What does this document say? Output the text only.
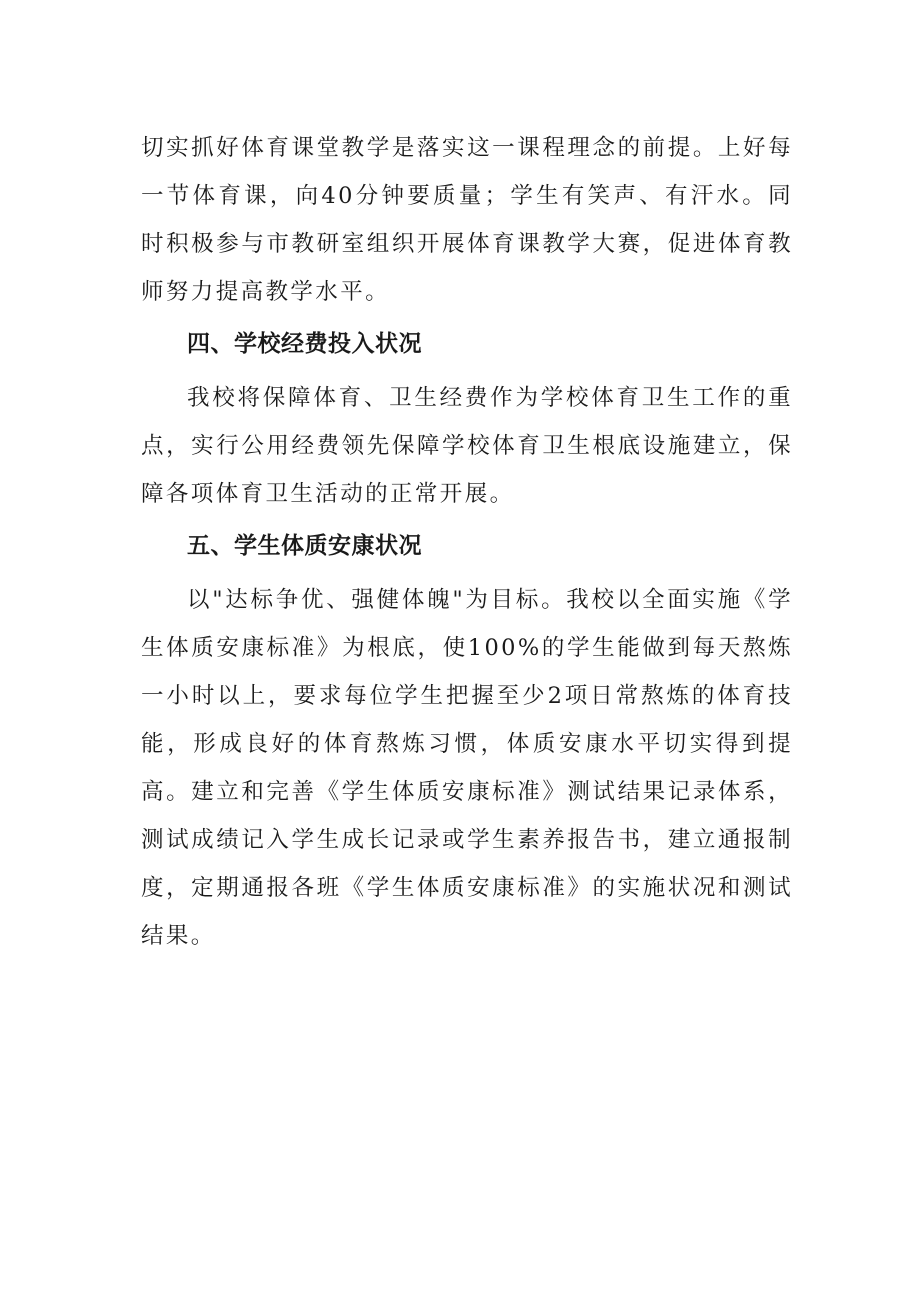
切实抓好体育课堂教学是落实这一课程理念的前提。上好每一节体育课，向40分钟要质量；学生有笑声、有汗水。同时积极参与市教研室组织开展体育课教学大赛，促进体育教师努力提高教学水平。

四、学校经费投入状况

我校将保障体育、卫生经费作为学校体育卫生工作的重点，实行公用经费领先保障学校体育卫生根底设施建立，保障各项体育卫生活动的正常开展。

五、学生体质安康状况

以"达标争优、强健体魄"为目标。我校以全面实施《学生体质安康标准》为根底，使100%的学生能做到每天熬炼一小时以上，要求每位学生把握至少2项日常熬炼的体育技能，形成良好的体育熬炼习惯，体质安康水平切实得到提高。建立和完善《学生体质安康标准》测试结果记录体系，测试成绩记入学生成长记录或学生素养报告书，建立通报制度，定期通报各班《学生体质安康标准》的实施状况和测试结果。
